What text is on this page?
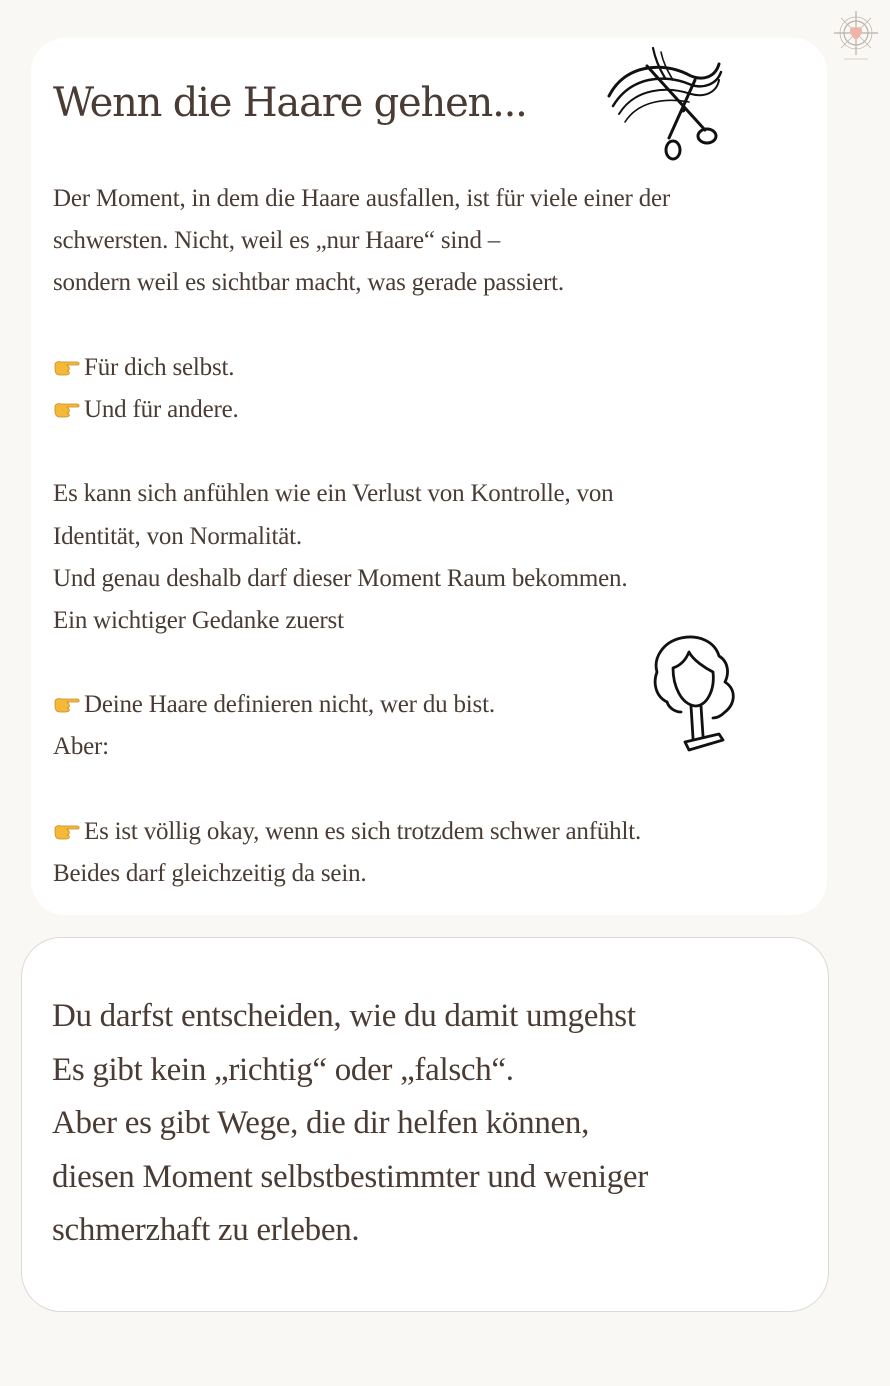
Wenn die Haare gehen...
Der Moment, in dem die Haare ausfallen, ist für viele einer der
schwersten. Nicht, weil es „nur Haare“ sind –
sondern weil es sichtbar macht, was gerade passiert.
Für dich selbst.
Und für andere.
Es kann sich anfühlen wie ein Verlust von Kontrolle, von
Identität, von Normalität.
Und genau deshalb darf dieser Moment Raum bekommen.
Ein wichtiger Gedanke zuerst
Deine Haare definieren nicht, wer du bist.
Aber:
Es ist völlig okay, wenn es sich trotzdem schwer anfühlt.
Beides darf gleichzeitig da sein.
Du darfst entscheiden, wie du damit umgehst
Es gibt kein „richtig“ oder „falsch“.
Aber es gibt Wege, die dir helfen können,
diesen Moment selbstbestimmter und weniger
schmerzhaft zu erleben.
